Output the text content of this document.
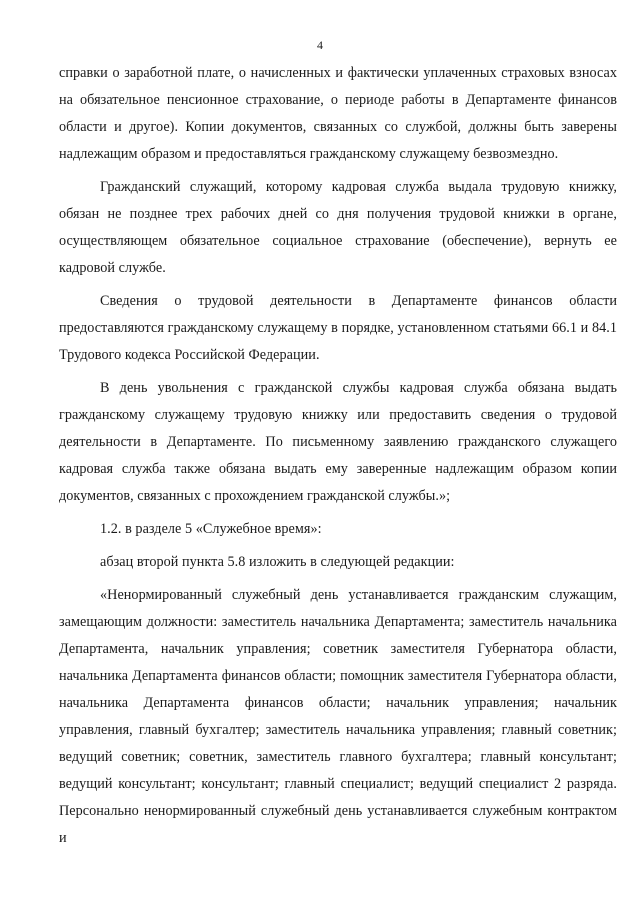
4

справки о заработной плате, о начисленных и фактически уплаченных страховых взносах на обязательное пенсионное страхование, о периоде работы в Департаменте финансов области и другое). Копии документов, связанных со службой, должны быть заверены надлежащим образом и предоставляться гражданскому служащему безвозмездно.

Гражданский служащий, которому кадровая служба выдала трудовую книжку, обязан не позднее трех рабочих дней со дня получения трудовой книжки в органе, осуществляющем обязательное социальное страхование (обеспечение), вернуть ее кадровой службе.

Сведения о трудовой деятельности в Департаменте финансов области предоставляются гражданскому служащему в порядке, установленном статьями 66.1 и 84.1 Трудового кодекса Российской Федерации.

В день увольнения с гражданской службы кадровая служба обязана выдать гражданскому служащему трудовую книжку или предоставить сведения о трудовой деятельности в Департаменте. По письменному заявлению гражданского служащего кадровая служба также обязана выдать ему заверенные надлежащим образом копии документов, связанных с прохождением гражданской службы.»;

1.2. в разделе 5 «Служебное время»:

абзац второй пункта 5.8 изложить в следующей редакции:

«Ненормированный служебный день устанавливается гражданским служащим, замещающим должности: заместитель начальника Департамента; заместитель начальника Департамента, начальник управления; советник заместителя Губернатора области, начальника Департамента финансов области; помощник заместителя Губернатора области, начальника Департамента финансов области; начальник управления; начальник управления, главный бухгалтер; заместитель начальника управления; главный советник; ведущий советник; советник, заместитель главного бухгалтера; главный консультант; ведущий консультант; консультант; главный специалист; ведущий специалист 2 разряда. Персонально ненормированный служебный день устанавливается служебным контрактом и
